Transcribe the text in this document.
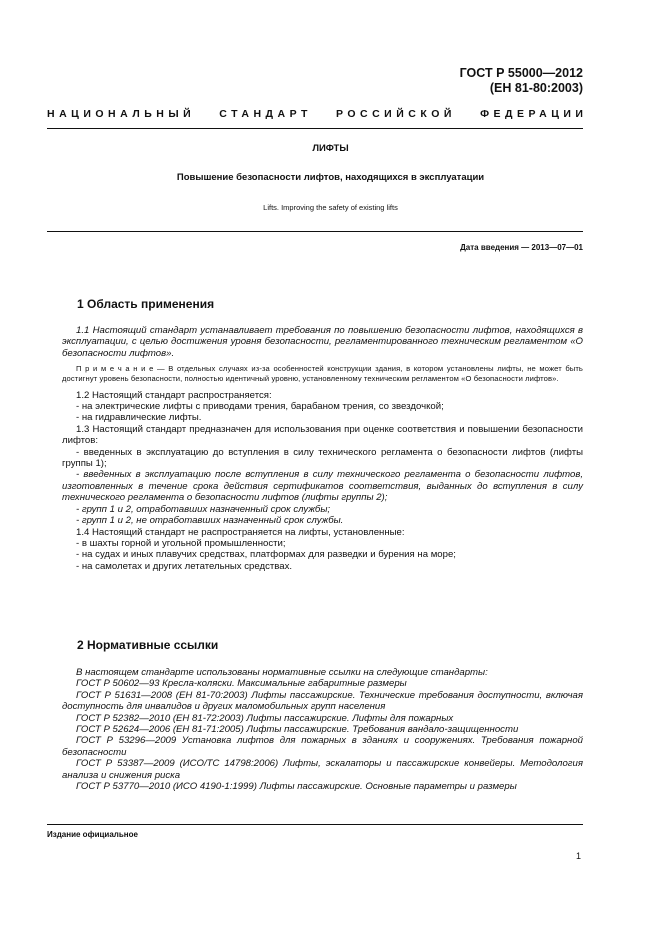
ГОСТ Р 55000—2012
(ЕН 81-80:2003)
НАЦИОНАЛЬНЫЙ СТАНДАРТ РОССИЙСКОЙ ФЕДЕРАЦИИ
ЛИФТЫ
Повышение безопасности лифтов, находящихся в эксплуатации
Lifts. Improving the safety of existing lifts
Дата введения — 2013—07—01
1 Область применения

1.1 Настоящий стандарт устанавливает требования по повышению безопасности лифтов, находящихся в эксплуатации, с целью достижения уровня безопасности, регламентированного техническим регламентом «О безопасности лифтов».

П р и м е ч а н и е — В отдельных случаях из-за особенностей конструкции здания, в котором установлены лифты, не может быть достигнут уровень безопасности, полностью идентичный уровню, установленному техническим регламентом «О безопасности лифтов».

1.2 Настоящий стандарт распространяется:

- на электрические лифты с приводами трения, барабаном трения, со звездочкой;

- на гидравлические лифты.

1.3 Настоящий стандарт предназначен для использования при оценке соответствия и повышении безопасности лифтов:

- введенных в эксплуатацию до вступления в силу технического регламента о безопасности лифтов (лифты группы 1);

- введенных в эксплуатацию после вступления в силу технического регламента о безопасности лифтов, изготовленных в течение срока действия сертификатов соответствия, выданных до вступления в силу технического регламента о безопасности лифтов (лифты группы 2);

- групп 1 и 2, отработавших назначенный срок службы;

- групп 1 и 2, не отработавших назначенный срок службы.

1.4 Настоящий стандарт не распространяется на лифты, установленные:

- в шахты горной и угольной промышленности;

- на судах и иных плавучих средствах, платформах для разведки и бурения на море;

- на самолетах и других летательных средствах.

2 Нормативные ссылки

В настоящем стандарте использованы нормативные ссылки на следующие стандарты:

ГОСТ Р 50602—93 Кресла-коляски. Максимальные габаритные размеры

ГОСТ Р 51631—2008 (ЕН 81-70:2003) Лифты пассажирские. Технические требования доступности, включая доступность для инвалидов и других маломобильных групп населения

ГОСТ Р 52382—2010 (ЕН 81-72:2003) Лифты пассажирские. Лифты для пожарных

ГОСТ Р 52624—2006 (ЕН 81-71:2005) Лифты пассажирские. Требования вандало-защищенности

ГОСТ Р 53296—2009 Установка лифтов для пожарных в зданиях и сооружениях. Требования пожарной безопасности

ГОСТ Р 53387—2009 (ИСО/ТС 14798:2006) Лифты, эскалаторы и пассажирские конвейеры. Методология анализа и снижения риска

ГОСТ Р 53770—2010 (ИСО 4190-1:1999) Лифты пассажирские. Основные параметры и размеры

Издание официальное
1
